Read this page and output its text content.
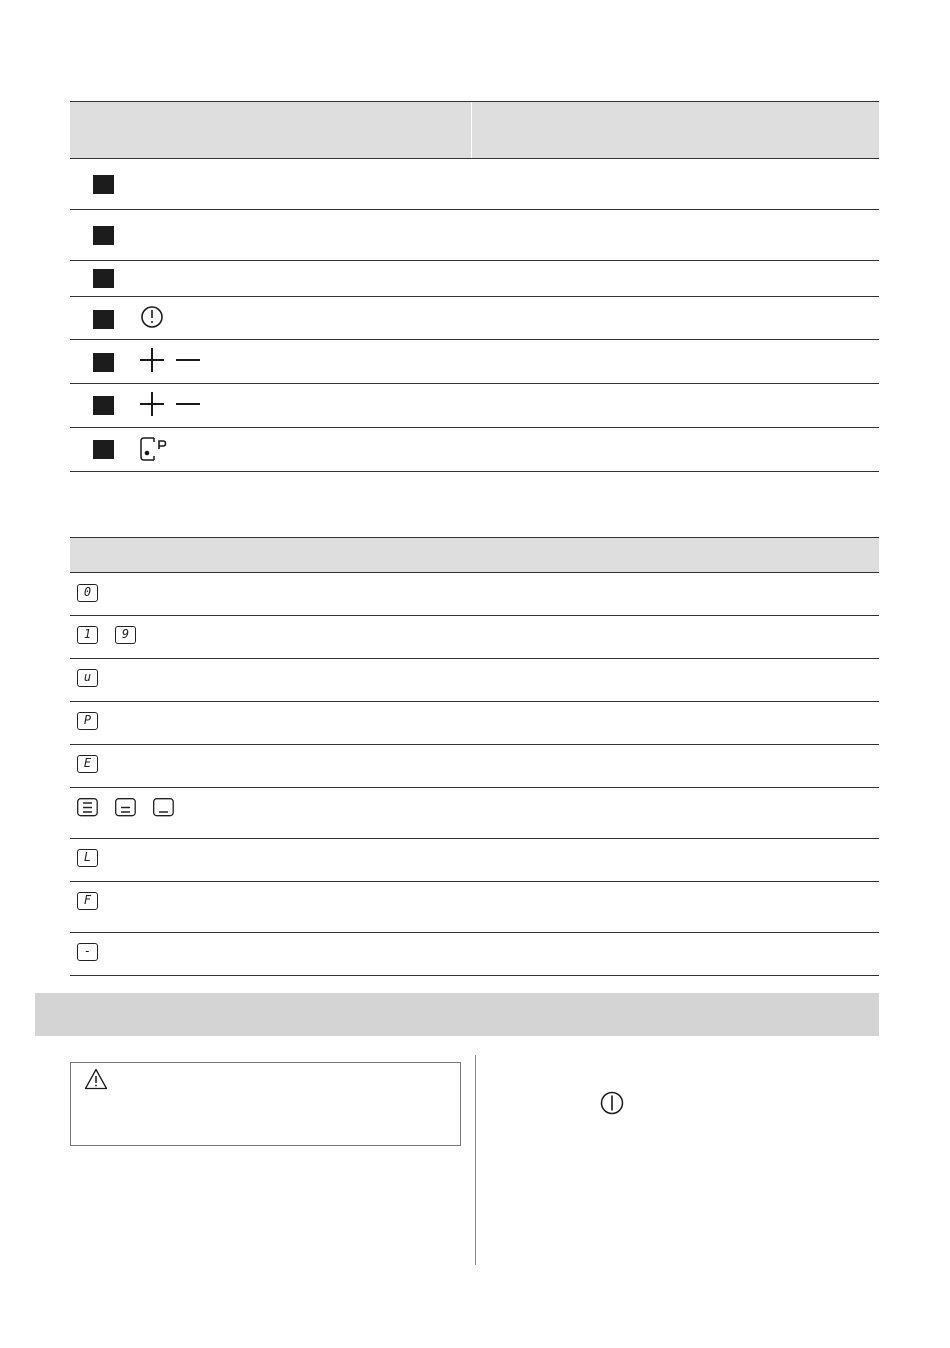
0
1	9
u
P
E
L
F
-
